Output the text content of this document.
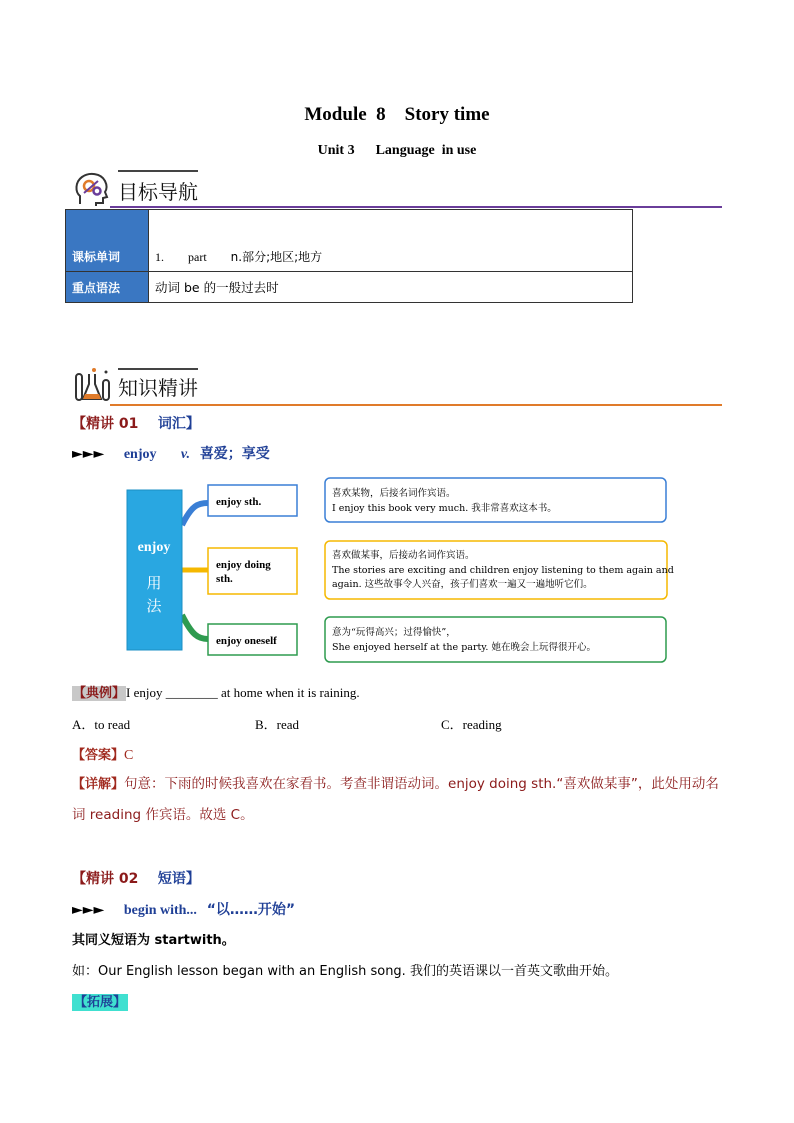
Module  8    Story time
Unit 3      Language  in use
目标导航

课标单词	1. part n.部分;地区;地方
重点语法	动词 be 的一般过去时
知识精讲
【精讲 01 词汇】
►►► enjoy v. 喜爱；享受
enjoy
用
法
enjoy sth.
enjoy doing
sth.
enjoy oneself
喜欢某物，后接名词作宾语。
I enjoy this book very much. 我非常喜欢这本书。
喜欢做某事，后接动名词作宾语。
The stories are exciting and children enjoy listening to them again and
again. 这些故事令人兴奋，孩子们喜欢一遍又一遍地听它们。
意为“玩得高兴；过得愉快”，
She enjoyed herself at the party. 她在晚会上玩得很开心。
【典例】I enjoy ________ at home when it is raining.
A．to read	B．read	C．reading
【答案】C
【详解】句意：下雨的时候我喜欢在家看书。考查非谓语动词。enjoy doing sth.“喜欢做某事”，此处用动名词 reading 作宾语。故选 C。
【精讲 02 短语】
►►► begin with... “以……开始”
其同义短语为 startwith。
如：Our English lesson began with an English song. 我们的英语课以一首英文歌曲开始。
【拓展】
